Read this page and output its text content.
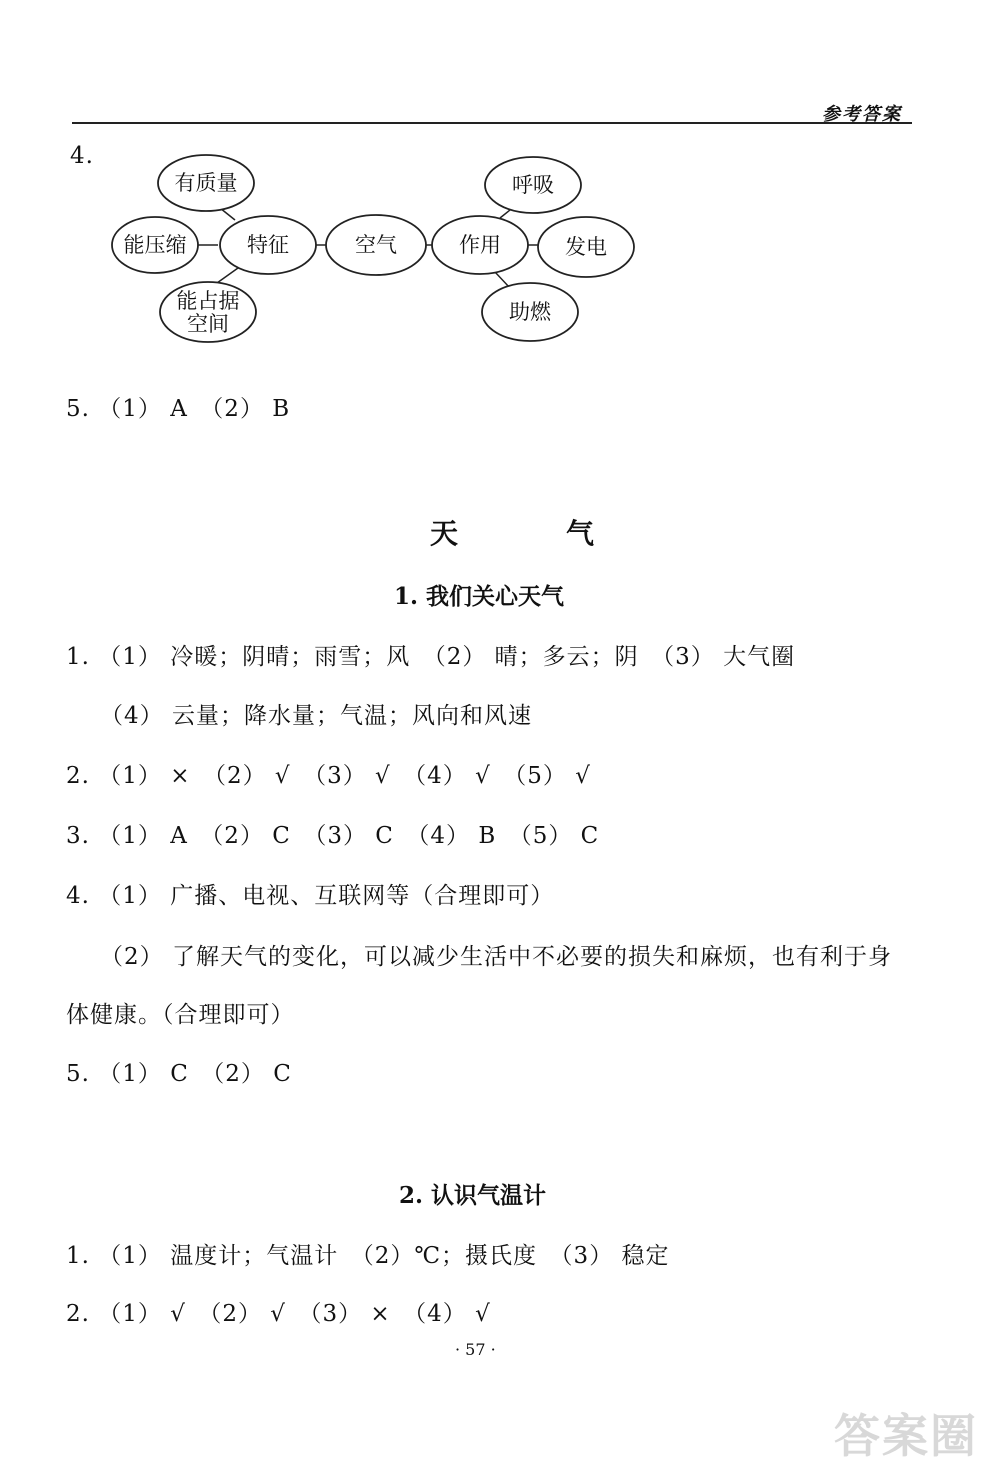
参考答案
4.
有质量
能压缩
能占据
空间
特征	空气	作用
呼吸
发电
助燃
5. （1） A　（2） B
天　气
1. 我们关心天气
1. （1） 冷暖；阴晴；雨雪；风　（2） 晴；多云；阴　（3） 大气圈
（4） 云量；降水量；气温；风向和风速
2. （1） ×　（2） √　（3） √　（4） √　（5） √
3. （1） A　（2） C　（3） C　（4） B　（5） C
4. （1） 广播、电视、互联网等（合理即可）
（2） 了解天气的变化，可以减少生活中不必要的损失和麻烦，也有利于身
体健康。（合理即可）
5. （1） C　（2） C
2. 认识气温计
1. （1） 温度计；气温计　（2）℃；摄氏度　（3） 稳定
2. （1） √　（2） √　（3） ×　（4） √
· 57 ·
答案圈
